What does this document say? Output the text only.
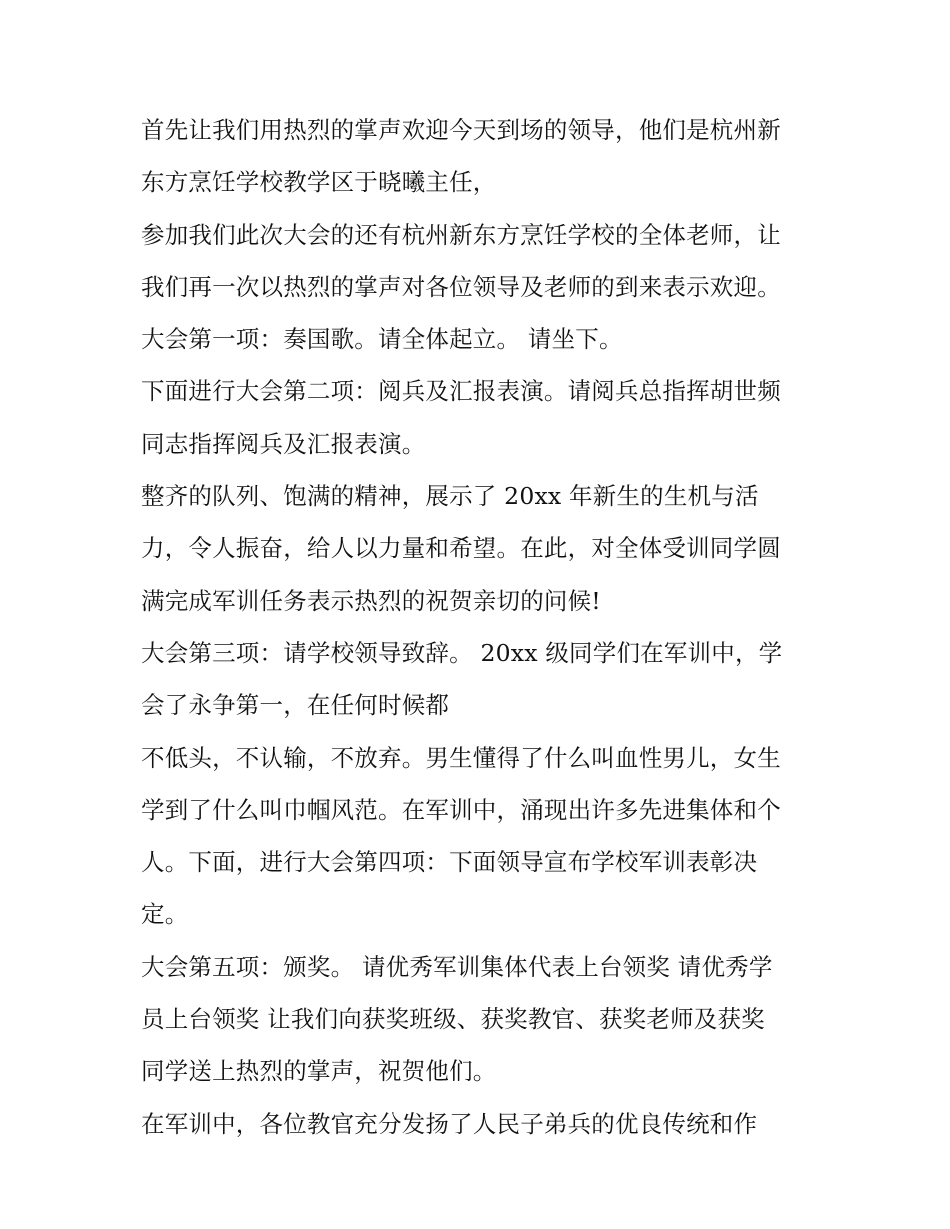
首先让我们用热烈的掌声欢迎今天到场的领导，他们是杭州新
东方烹饪学校教学区于晓曦主任，
参加我们此次大会的还有杭州新东方烹饪学校的全体老师，让
我们再一次以热烈的掌声对各位领导及老师的到来表示欢迎。
大会第一项：奏国歌。请全体起立。 请坐下。
下面进行大会第二项：阅兵及汇报表演。请阅兵总指挥胡世频
同志指挥阅兵及汇报表演。
整齐的队列、饱满的精神，展示了 20xx 年新生的生机与活
力，令人振奋，给人以力量和希望。在此，对全体受训同学圆
满完成军训任务表示热烈的祝贺亲切的问候!
大会第三项：请学校领导致辞。 20xx 级同学们在军训中，学
会了永争第一，在任何时候都
不低头，不认输，不放弃。男生懂得了什么叫血性男儿，女生
学到了什么叫巾帼风范。在军训中，涌现出许多先进集体和个
人。下面，进行大会第四项：下面领导宣布学校军训表彰决
定。
大会第五项：颁奖。 请优秀军训集体代表上台领奖 请优秀学
员上台领奖 让我们向获奖班级、获奖教官、获奖老师及获奖
同学送上热烈的掌声，祝贺他们。
在军训中，各位教官充分发扬了人民子弟兵的优良传统和作
